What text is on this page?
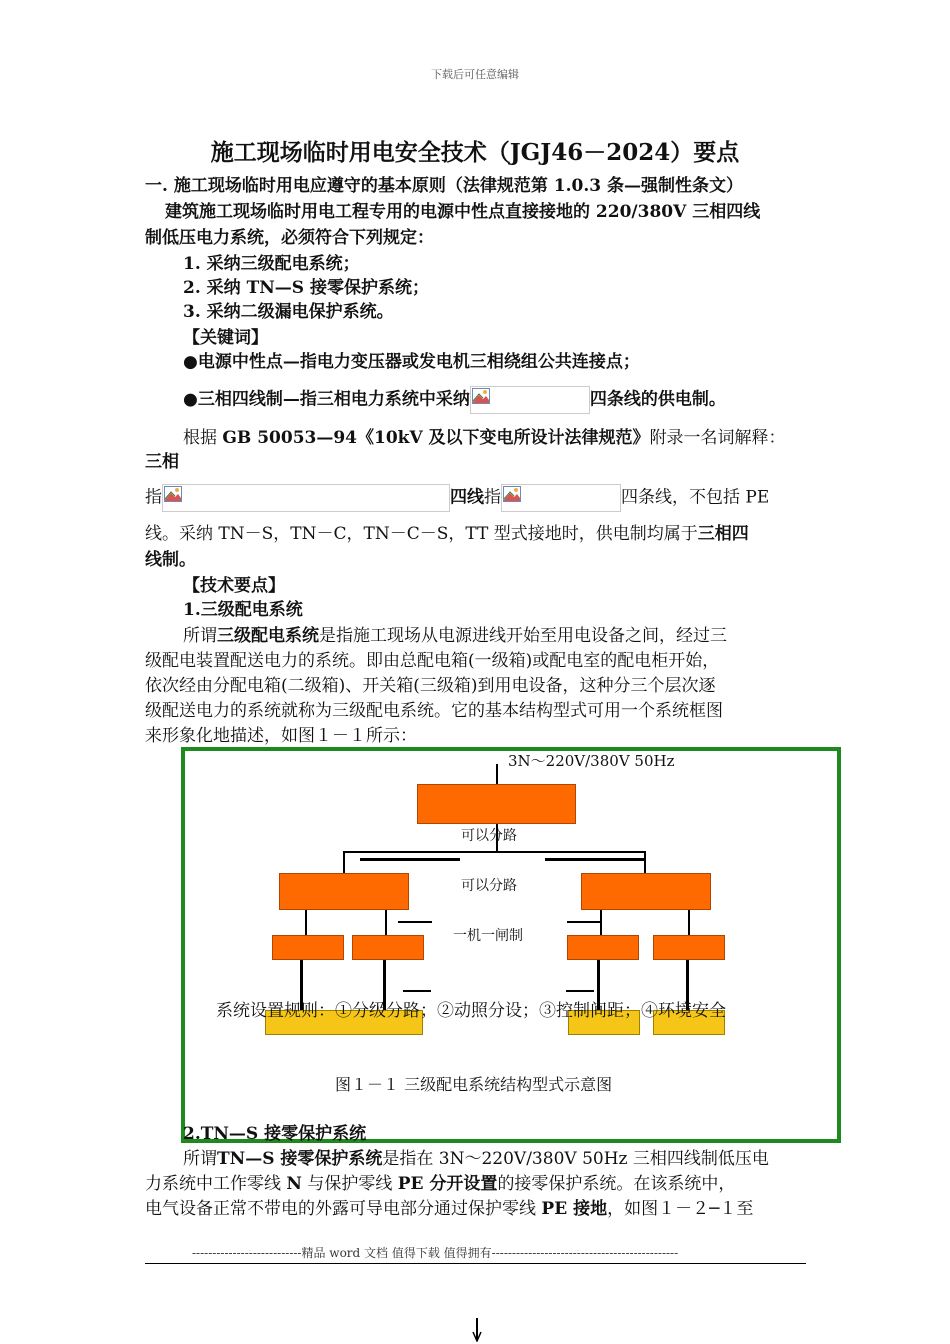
下载后可任意编辑
施工现场临时用电安全技术（JGJ46－2024）要点
一. 施工现场临时用电应遵守的基本原则（法律规范第 1.0.3 条—强制性条文）
建筑施工现场临时用电工程专用的电源中性点直接接地的 220/380V 三相四线
制低压电力系统，必须符合下列规定：
1. 采纳三级配电系统；
2. 采纳 TN—S 接零保护系统；
3. 采纳二级漏电保护系统。
【关键词】
●电源中性点—指电力变压器或发电机三相绕组公共连接点；
●三相四线制—指三相电力系统中采纳	四条线的供电制。
根据 GB 50053—94《10kV 及以下变电所设计法律规范》附录一名词解释：
三相
指	四线指	四条线，不包括 PE
线。采纳 TN－S，TN－C，TN－C－S，TT 型式接地时，供电制均属于三相四
线制。
【技术要点】
1.三级配电系统
所谓三级配电系统是指施工现场从电源进线开始至用电设备之间，经过三
级配电装置配送电力的系统。即由总配电箱(一级箱)或配电室的配电柜开始，
依次经由分配电箱(二级箱)、开关箱(三级箱)到用电设备，这种分三个层次逐
级配送电力的系统就称为三级配电系统。它的基本结构型式可用一个系统框图
来形象化地描述，如图１－１所示：
3N～220V/380V 50Hz
可以分路
可以分路
一机一闸制
系统设置规则：①分级分路；②动照分设；③控制间距；④环境安全
图１－１ 三级配电系统结构型式示意图
2.TN—S 接零保护系统
所谓TN—S 接零保护系统是指在 3N～220V/380V 50Hz 三相四线制低压电
力系统中工作零线 N 与保护零线 PE 分开设置的接零保护系统。在该系统中，
电气设备正常不带电的外露可导电部分通过保护零线 PE 接地，如图１－２─１至
---------------------------精品 word 文档 值得下载 值得拥有----------------------------------------------
